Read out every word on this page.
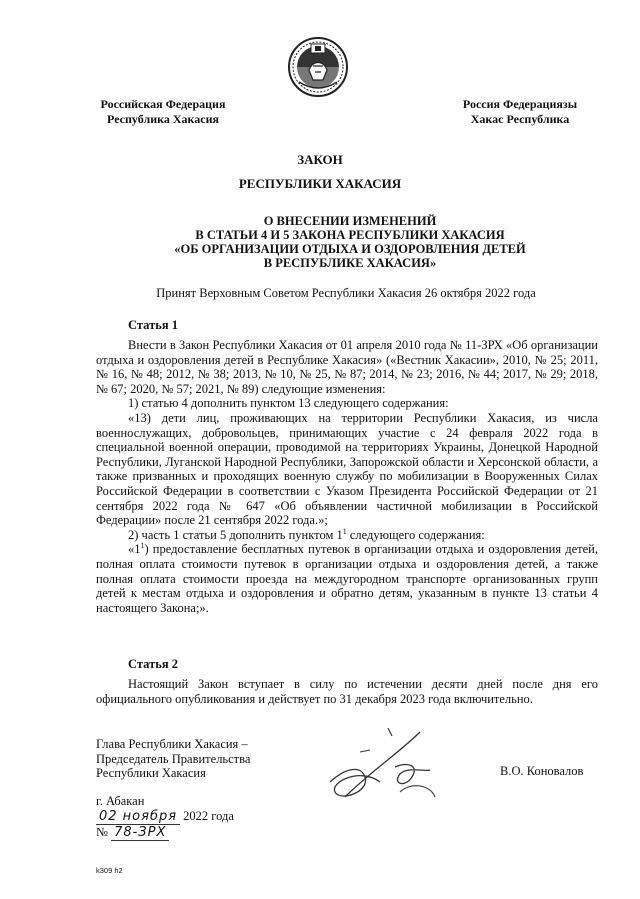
Российская Федерация
Республика Хакасия
Россия Федерациязы
Хакас Республика
ЗАКОН
РЕСПУБЛИКИ ХАКАСИЯ
О ВНЕСЕНИИ ИЗМЕНЕНИЙ
В СТАТЬИ 4 И 5 ЗАКОНА РЕСПУБЛИКИ ХАКАСИЯ
«ОБ ОРГАНИЗАЦИИ ОТДЫХА И ОЗДОРОВЛЕНИЯ ДЕТЕЙ
В РЕСПУБЛИКЕ ХАКАСИЯ»
Принят Верховным Советом Республики Хакасия 26 октября 2022 года
Статья 1

Внести в Закон Республики Хакасия от 01 апреля 2010 года № 11-ЗРХ «Об организации отдыха и оздоровления детей в Республике Хакасия» («Вестник Хакасии», 2010, № 25; 2011, № 16, № 48; 2012, № 38; 2013, № 10, № 25, № 87; 2014, № 23; 2016, № 44; 2017, № 29; 2018, № 67; 2020, № 57; 2021, № 89) следующие изменения:

1) статью 4 дополнить пунктом 13 следующего содержания:

«13) дети лиц, проживающих на территории Республики Хакасия, из числа военнослужащих, добровольцев, принимающих участие с 24 февраля 2022 года в специальной военной операции, проводимой на территориях Украины, Донецкой Народной Республики, Луганской Народной Республики, Запорожской области и Херсонской области, а также призванных и проходящих военную службу по мобилизации в Вооруженных Силах Российской Федерации в соответствии с Указом Президента Российской Федерации от 21 сентября 2022 года № 647 «Об объявлении частичной мобилизации в Российской Федерации» после 21 сентября 2022 года.»;

2) часть 1 статьи 5 дополнить пунктом $1^1$ следующего содержания:

«$1^1$) предоставление бесплатных путевок в организации отдыха и оздоровления детей, полная оплата стоимости путевок в организации отдыха и оздоровления детей, а также полная оплата стоимости проезда на междугородном транспорте организованных групп детей к местам отдыха и оздоровления и обратно детям, указанным в пункте 13 статьи 4 настоящего Закона;».

Статья 2

Настоящий Закон вступает в силу по истечении десяти дней после дня его официального опубликования и действует по 31 декабря 2023 года включительно.

Глава Республики Хакасия –
Председатель Правительства
Республики Хакасия	В.О. Коновалов
г. Абакан
02 ноября 2022 года
№ 78-ЗРХ
k309 h2
